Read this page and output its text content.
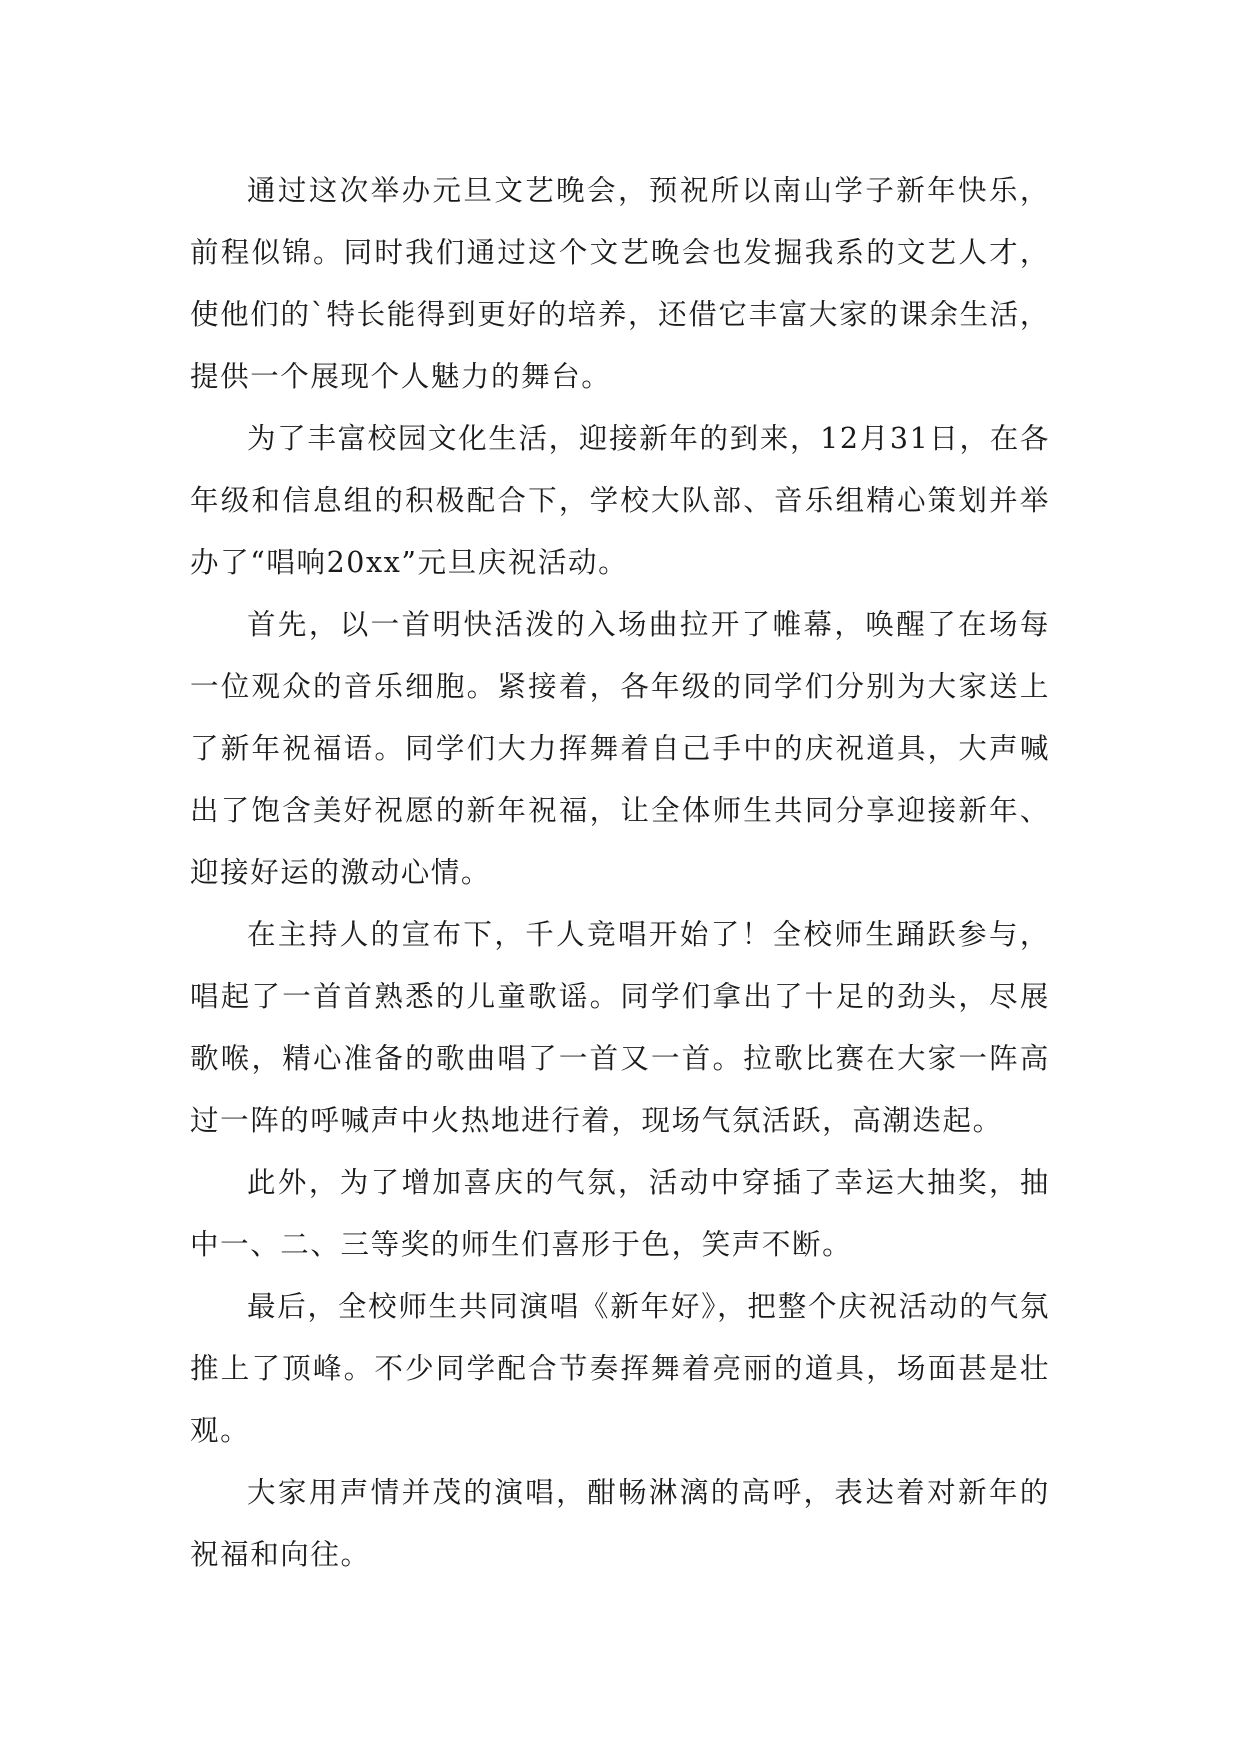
通过这次举办元旦文艺晚会，预祝所以南山学子新年快乐，前程似锦。同时我们通过这个文艺晚会也发掘我系的文艺人才，使他们的`特长能得到更好的培养，还借它丰富大家的课余生活，提供一个展现个人魅力的舞台。

为了丰富校园文化生活，迎接新年的到来，12月31日，在各年级和信息组的积极配合下，学校大队部、音乐组精心策划并举办了“唱响20xx”元旦庆祝活动。

首先，以一首明快活泼的入场曲拉开了帷幕，唤醒了在场每一位观众的音乐细胞。紧接着，各年级的同学们分别为大家送上了新年祝福语。同学们大力挥舞着自己手中的庆祝道具，大声喊出了饱含美好祝愿的新年祝福，让全体师生共同分享迎接新年、迎接好运的激动心情。

在主持人的宣布下，千人竞唱开始了！全校师生踊跃参与，唱起了一首首熟悉的儿童歌谣。同学们拿出了十足的劲头，尽展歌喉，精心准备的歌曲唱了一首又一首。拉歌比赛在大家一阵高过一阵的呼喊声中火热地进行着，现场气氛活跃，高潮迭起。

此外，为了增加喜庆的气氛，活动中穿插了幸运大抽奖，抽中一、二、三等奖的师生们喜形于色，笑声不断。

最后，全校师生共同演唱《新年好》，把整个庆祝活动的气氛推上了顶峰。不少同学配合节奏挥舞着亮丽的道具，场面甚是壮观。

大家用声情并茂的演唱，酣畅淋漓的高呼，表达着对新年的祝福和向往。
